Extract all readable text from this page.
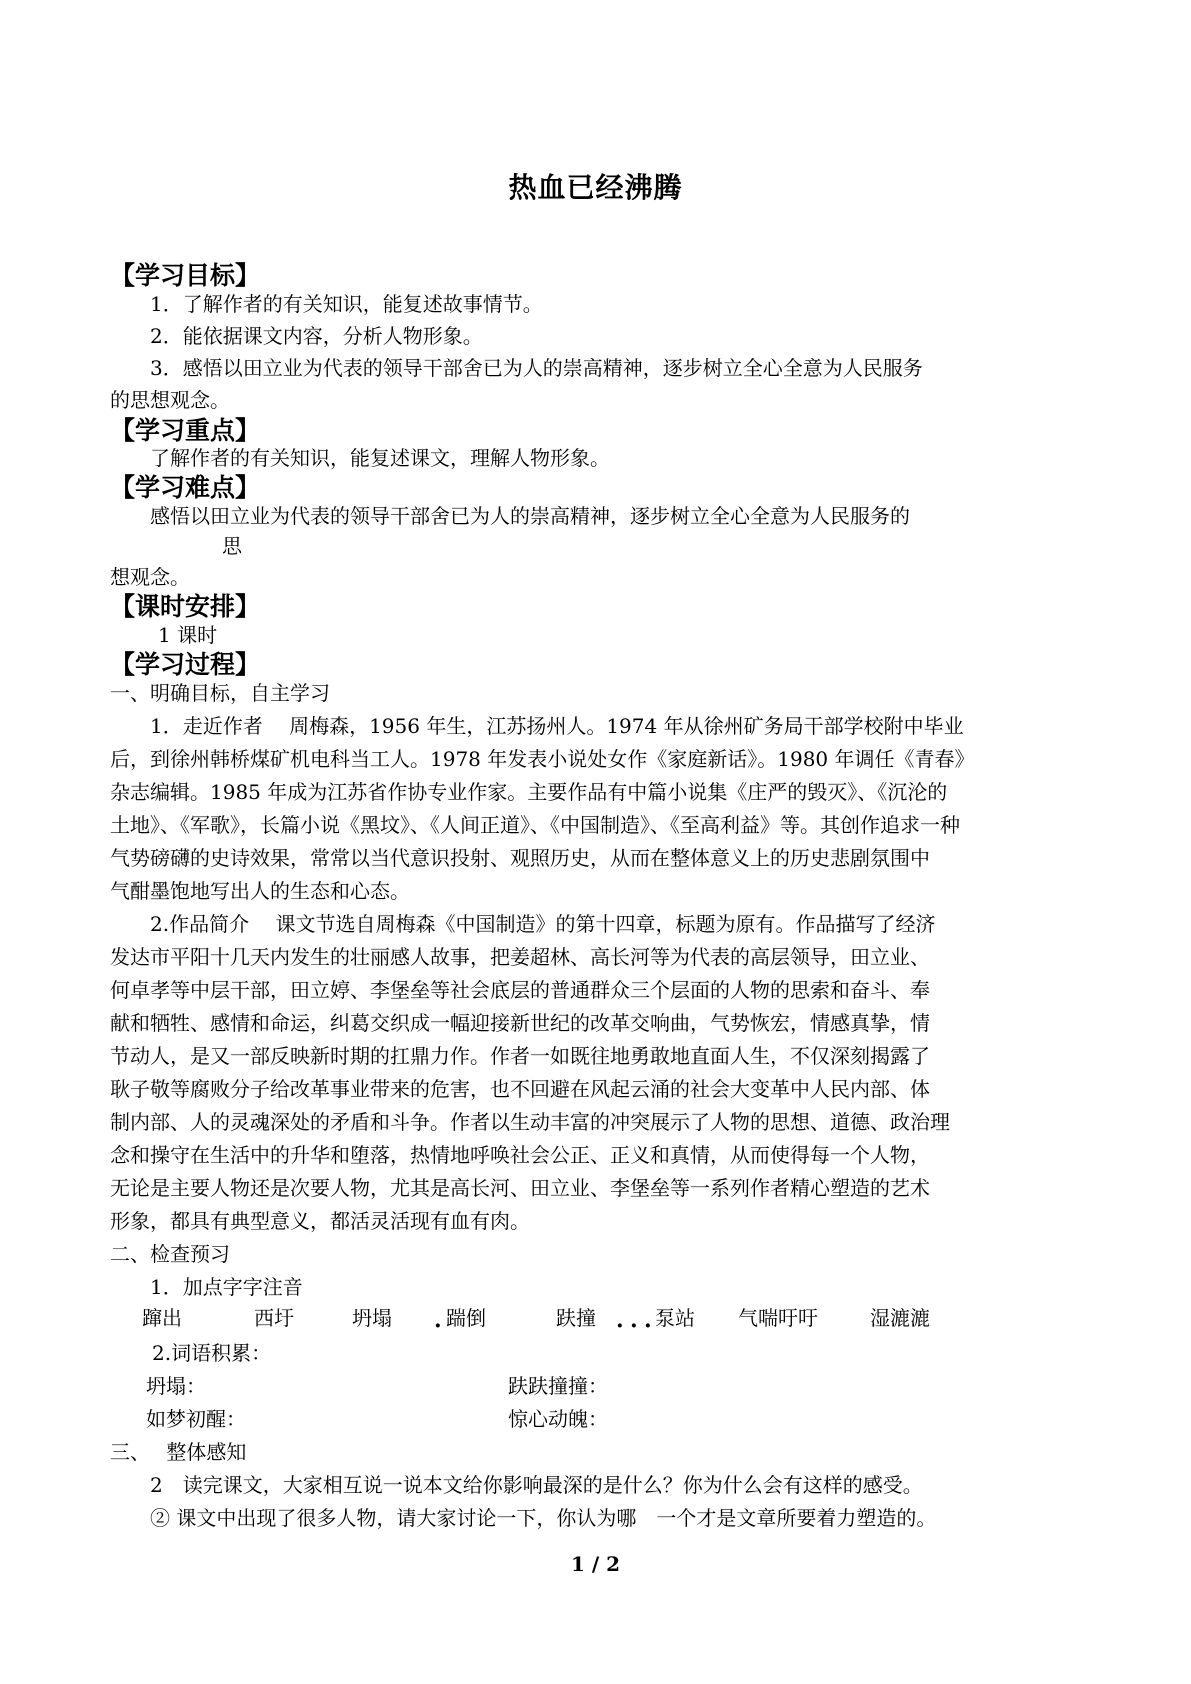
热血已经沸腾
【学习目标】
1．了解作者的有关知识，能复述故事情节。
2．能依据课文内容，分析人物形象。
3．感悟以田立业为代表的领导干部舍已为人的崇高精神，逐步树立全心全意为人民服务
的思想观念。
【学习重点】
了解作者的有关知识，能复述课文，理解人物形象。
【学习难点】
感悟以田立业为代表的领导干部舍已为人的崇高精神，逐步树立全心全意为人民服务的
思
想观念。
【课时安排】
1 课时
【学习过程】
一、明确目标，自主学习
1．走近作者　 周梅森，1956 年生，江苏扬州人。1974 年从徐州矿务局干部学校附中毕业
后，到徐州韩桥煤矿机电科当工人。1978 年发表小说处女作《家庭新话》。1980 年调任《青春》
杂志编辑。1985 年成为江苏省作协专业作家。主要作品有中篇小说集《庄严的毁灭》、《沉沦的
土地》、《军歌》，长篇小说《黑坟》、《人间正道》、《中国制造》、《至高利益》等。其创作追求一种
气势磅礴的史诗效果，常常以当代意识投射、观照历史，从而在整体意义上的历史悲剧氛围中
气酣墨饱地写出人的生态和心态。
2.作品简介　 课文节选自周梅森《中国制造》的第十四章，标题为原有。作品描写了经济
发达市平阳十几天内发生的壮丽感人故事，把姜超林、高长河等为代表的高层领导，田立业、
何卓孝等中层干部，田立婷、李堡垒等社会底层的普通群众三个层面的人物的思索和奋斗、奉
献和牺牲、感情和命运，纠葛交织成一幅迎接新世纪的改革交响曲，气势恢宏，情感真挚，情
节动人，是又一部反映新时期的扛鼎力作。作者一如既往地勇敢地直面人生，不仅深刻揭露了
耿子敬等腐败分子给改革事业带来的危害，也不回避在风起云涌的社会大变革中人民内部、体
制内部、人的灵魂深处的矛盾和斗争。作者以生动丰富的冲突展示了人物的思想、道德、政治理
念和操守在生活中的升华和堕落，热情地呼唤社会公正、正义和真情，从而使得每一个人物，
无论是主要人物还是次要人物，尤其是高长河、田立业、李堡垒等一系列作者精心塑造的艺术
形象，都具有典型意义，都活灵活现有血有肉。
二、检查预习
1．加点字字注音
蹿出	西圩	坍塌 · 踹倒	趺撞 · · · 泵站 气喘吁吁	湿漉漉
2.词语积累：
坍塌：	趺趺撞撞：
如梦初醒：	惊心动魄：
三、　 整体感知
2　读完课文，大家相互说一说本文给你影响最深的是什么？你为什么会有这样的感受。
② 课文中出现了很多人物，请大家讨论一下，你认为哪　一个才是文章所要着力塑造的。
1 / 2
